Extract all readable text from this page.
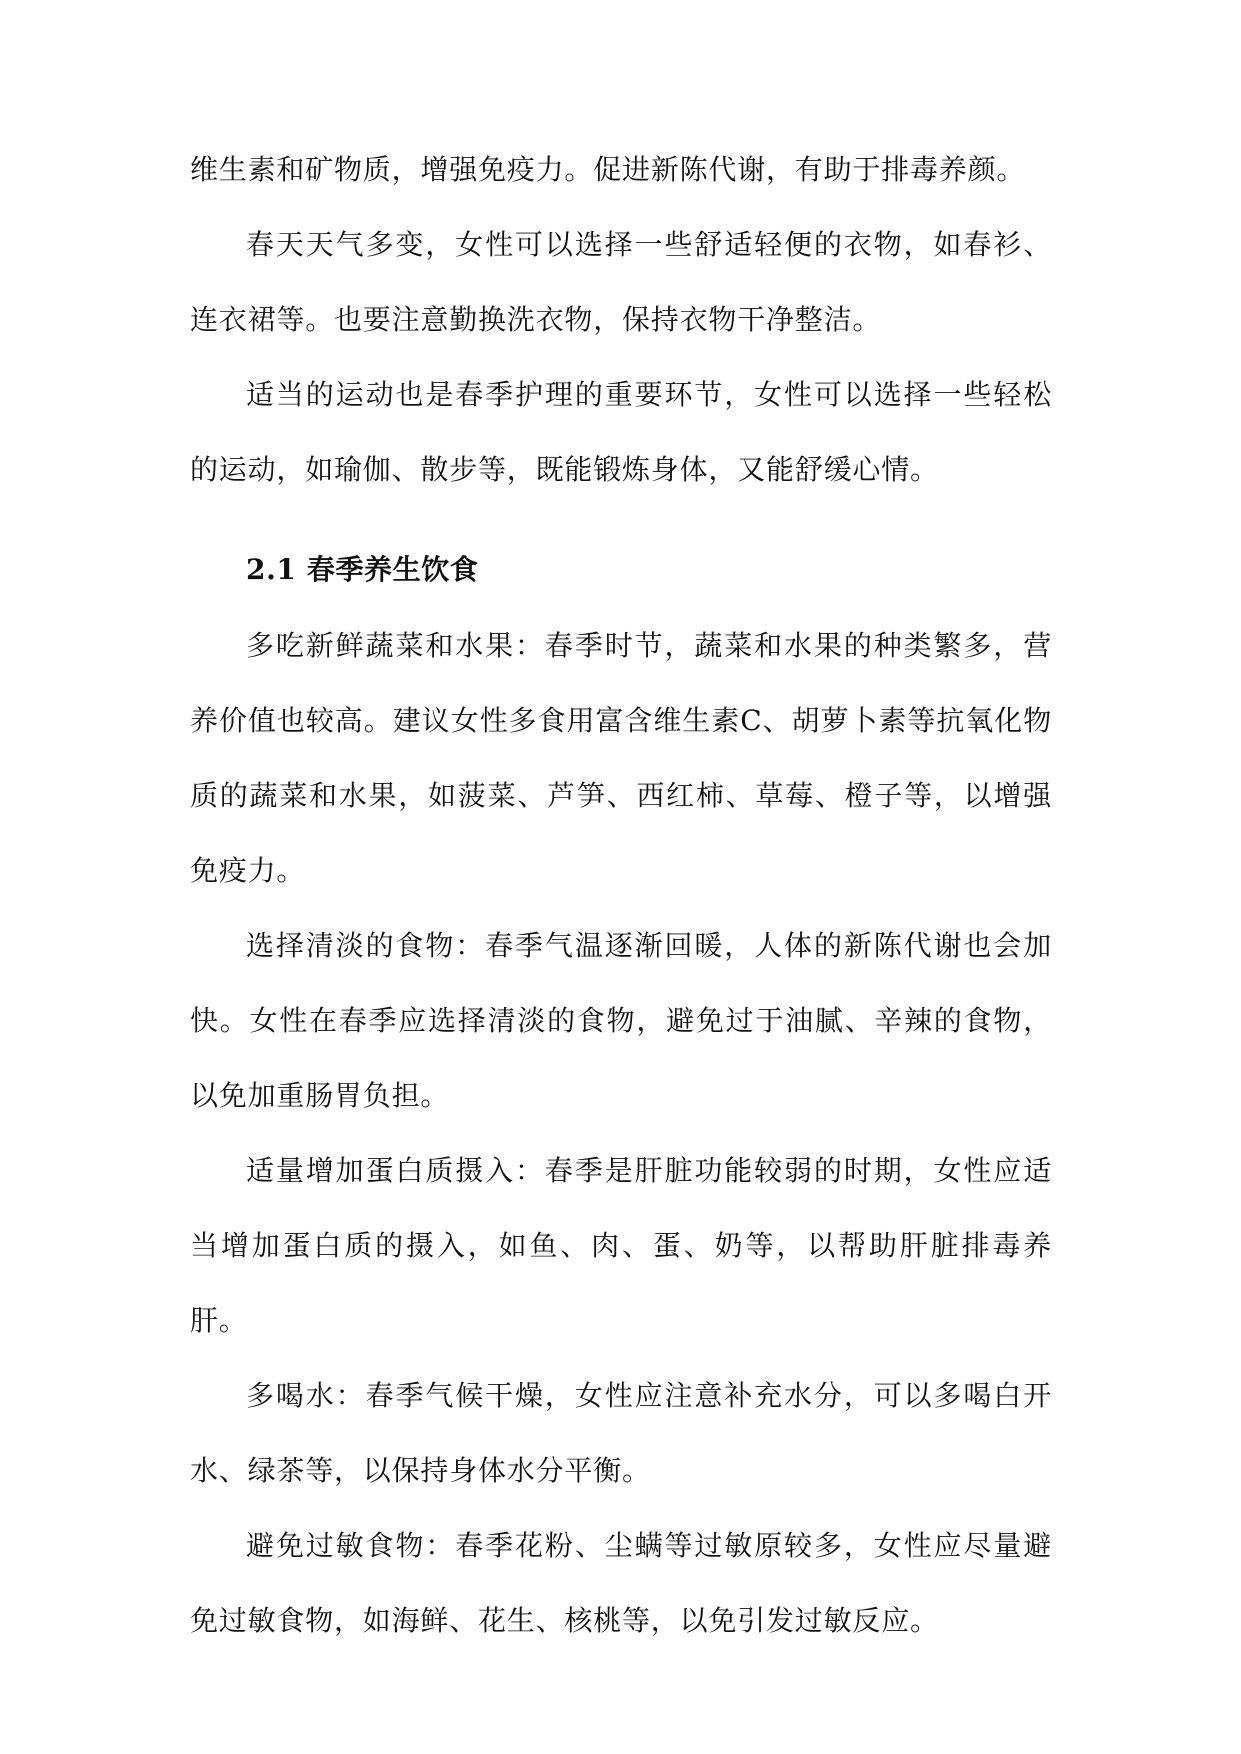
维生素和矿物质，增强免疫力。促进新陈代谢，有助于排毒养颜。

春天天气多变，女性可以选择一些舒适轻便的衣物，如春衫、连衣裙等。也要注意勤换洗衣物，保持衣物干净整洁。

适当的运动也是春季护理的重要环节，女性可以选择一些轻松的运动，如瑜伽、散步等，既能锻炼身体，又能舒缓心情。

2.1 春季养生饮食

多吃新鲜蔬菜和水果：春季时节，蔬菜和水果的种类繁多，营养价值也较高。建议女性多食用富含维生素C、胡萝卜素等抗氧化物质的蔬菜和水果，如菠菜、芦笋、西红柿、草莓、橙子等，以增强免疫力。

选择清淡的食物：春季气温逐渐回暖，人体的新陈代谢也会加快。女性在春季应选择清淡的食物，避免过于油腻、辛辣的食物，以免加重肠胃负担。

适量增加蛋白质摄入：春季是肝脏功能较弱的时期，女性应适当增加蛋白质的摄入，如鱼、肉、蛋、奶等，以帮助肝脏排毒养肝。

多喝水：春季气候干燥，女性应注意补充水分，可以多喝白开水、绿茶等，以保持身体水分平衡。

避免过敏食物：春季花粉、尘螨等过敏原较多，女性应尽量避免过敏食物，如海鲜、花生、核桃等，以免引发过敏反应。
